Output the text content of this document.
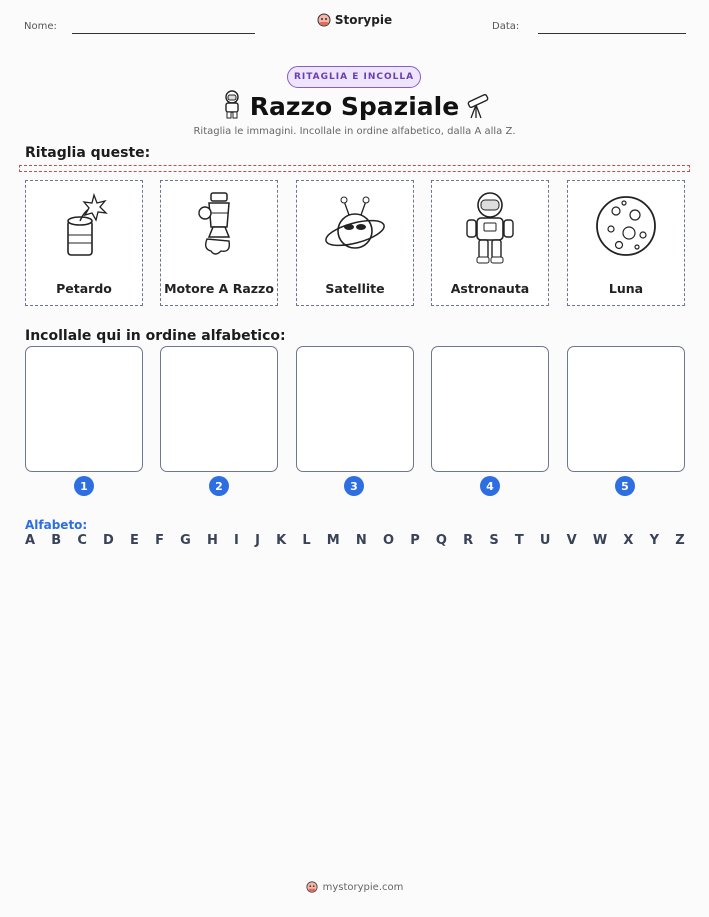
Nome:	Storypie	Data:
RITAGLIA E INCOLLA
Razzo Spaziale
Ritaglia le immagini. Incollale in ordine alfabetico, dalla A alla Z.
Ritaglia queste:
Petardo	Motore A Razzo	Satellite	Astronauta	Luna
Incollale qui in ordine alfabetico:
1	2	3	4	5
Alfabeto:
A B C D E F G H I J K L M N O P Q R S T U V W X Y Z
mystorypie.com
